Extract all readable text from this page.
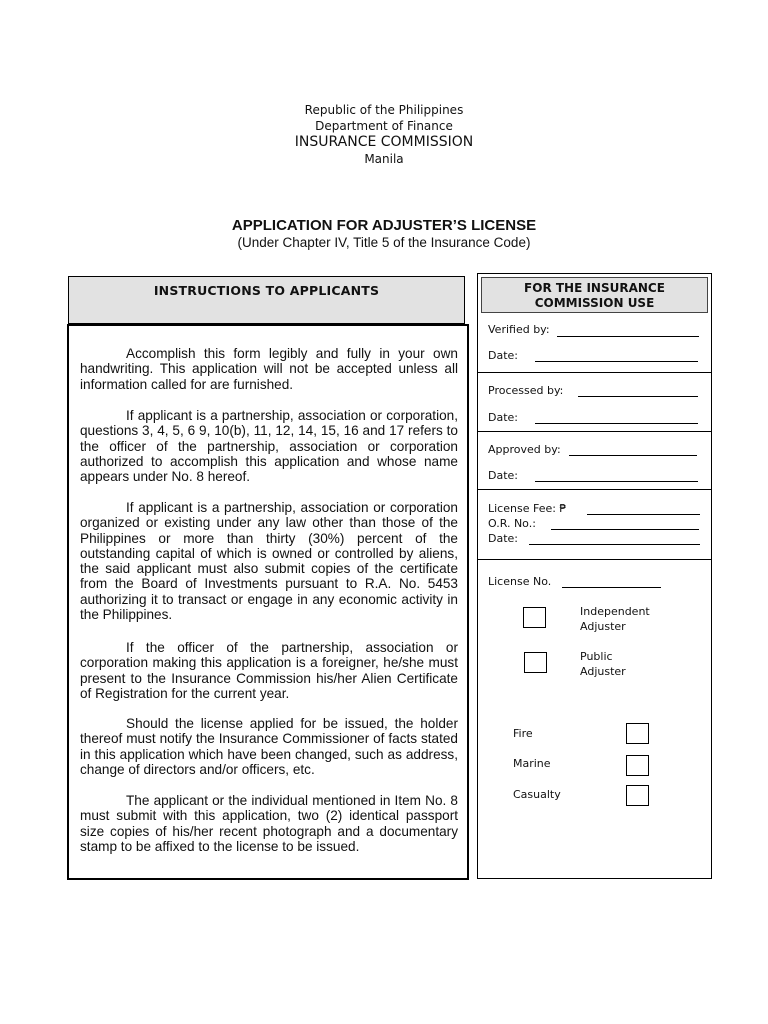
Republic of the Philippines
Department of Finance
INSURANCE COMMISSION
Manila
APPLICATION FOR ADJUSTER’S LICENSE
(Under Chapter IV, Title 5 of the Insurance Code)
INSTRUCTIONS TO APPLICANTS

Accomplish this form legibly and fully in your own handwriting. This application will not be accepted unless all information called for are furnished.

If applicant is a partnership, association or corporation, questions 3, 4, 5, 6 9, 10(b), 11, 12, 14, 15, 16 and 17 refers to the officer of the partnership, association or corporation authorized to accomplish this application and whose name appears under No. 8 hereof.

If applicant is a partnership, association or corporation organized or existing under any law other than those of the Philippines or more than thirty (30%) percent of the outstanding capital of which is owned or controlled by aliens, the said applicant must also submit copies of the certificate from the Board of Investments pursuant to R.A. No. 5453 authorizing it to transact or engage in any economic activity in the Philippines.

If the officer of the partnership, association or corporation making this application is a foreigner, he/she must present to the Insurance Commission his/her Alien Certificate of Registration for the current year.

Should the license applied for be issued, the holder thereof must notify the Insurance Commissioner of facts stated in this application which have been changed, such as address, change of directors and/or officers, etc.

The applicant or the individual mentioned in Item No. 8 must submit with this application, two (2) identical passport size copies of his/her recent photograph and a documentary stamp to be affixed to the license to be issued.

FOR THE INSURANCE
COMMISSION USE
Verified by:
Date:
Processed by:
Date:
Approved by:
Date:
License Fee: ₱
O.R. No.:
Date:
License No.
Independent
Adjuster
Public
Adjuster
Fire
Marine
Casualty
